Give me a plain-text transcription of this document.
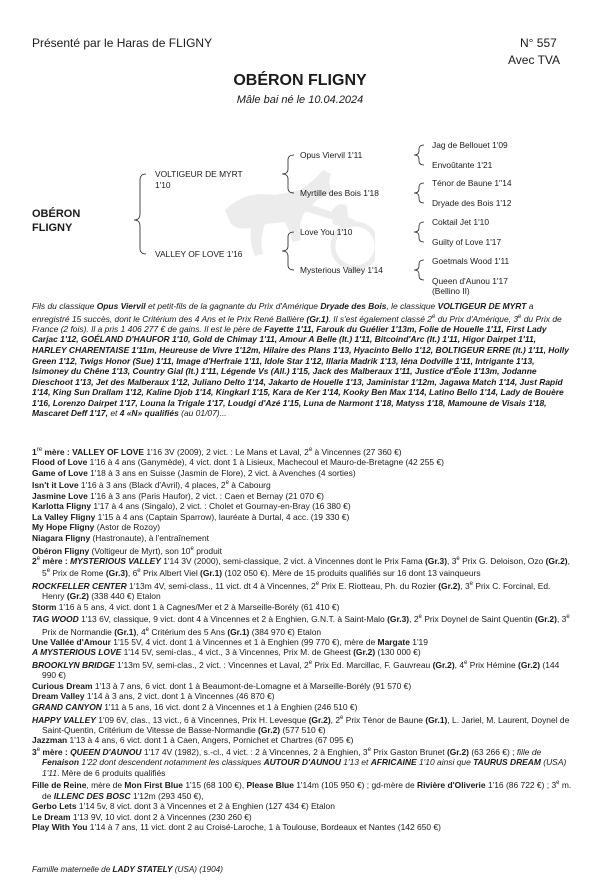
Présenté par le Haras de FLIGNY	N° 557
Avec TVA
OBÉRON FLIGNY
Mâle bai né le 10.04.2024
OBÉRON
FLIGNY
VOLTIGEUR DE MYRT
1'10
VALLEY OF LOVE 1'16
Opus Viervil 1'11
Myrtille des Bois 1'18
Love You 1'10
Mysterious Valley 1'14
Jag de Bellouet 1'09
Envoûtante 1'21
Ténor de Baune 1''14
Dryade des Bois 1'12
Coktail Jet 1'10
Guilty of Love 1'17
Goetmals Wood 1'11
Queen d'Aunou 1'17
(Bellino II)
Fils du classique Opus Viervil et petit-fils de la gagnante du Prix d'Amérique Dryade des Bois, le classique VOLTIGEUR DE MYRT a enregistré 15 succès, dont le Critérium des 4 Ans et le Prix René Ballière (Gr.1). Il s'est également classé 2e du Prix d'Amérique, 3e du Prix de France (2 fois). Il a pris 1 406 277 € de gains. Il est le père de Fayette 1'11, Farouk du Guélier 1'13m, Folie de Houelle 1'11, First Lady Carjac 1'12, GOÉLAND D'HAUFOR 1'10, Gold de Chimay 1'11, Amour A Belle (It.) 1'11, Bitcoind'Arc (It.) 1'11, Higor Dairpet 1'11, HARLEY CHARENTAISE 1'11m, Heureuse de Vivre 1'12m, Hilaire des Plans 1'13, Hyacinto Bello 1'12, BOLTIGEUR ERRE (It.) 1'11, Holly Green 1'12, Twigs Honor (Sue) 1'11, Image d'Herfraie 1'11, Idole Star 1'12, Illaria Madrik 1'13, Iéna Dodville 1'11, Intrigante 1'13, Isimoney du Chêne 1'13, Country Gial (It.) 1'11, Légende Vs (All.) 1'15, Jack des Malberaux 1'11, Justice d'Éole 1'13m, Jodanne Dieschoot 1'13, Jet des Malberaux 1'12, Juliano Delto 1'14, Jakarto de Houelle 1'13, Jaministar 1'12m, Jagawa Match 1'14, Just Rapid 1'14, King Sun Drallam 1'12, Kaline Djob 1'14, Kingkarl 1'15, Kara de Ker 1'14, Kooky Ben Max 1'14, Latino Bello 1'14, Lady de Bouère 1'16, Lorenzo Dairpet 1'17, Louna la Trigale 1'17, Loudgi d'Azé 1'15, Luna de Narmont 1'18, Matyss 1'18, Mamoune de Visais 1'18, Mascaret Deff 1'17, et 4 «N» qualifiés (au 01/07)...

1re mère : VALLEY OF LOVE 1'16 3V (2009), 2 vict. : Le Mans et Laval, 2e à Vincennes (27 360 €)

Flood of Love 1'16 à 4 ans (Ganymède), 4 vict. dont 1 à Lisieux, Machecoul et Mauro-de-Bretagne (42 255 €)

Game of Love 1'18 à 3 ans en Suisse (Jasmin de Flore), 2 vict. à Avenches (4 sorties)

Isn't it Love 1'16 à 3 ans (Black d'Avril), 4 places, 2e à Cabourg

Jasmine Love 1'16 à 3 ans (Paris Haufor), 2 vict. : Caen et Bernay (21 070 €)

Karlotta Fligny 1'17 à 4 ans (Singalo), 2 vict. : Cholet et Gournay-en-Bray (16 380 €)

La Valley Fligny 1'15 à 4 ans (Captain Sparrow), lauréate à Durtal, 4 acc. (19 330 €)

My Hope Fligny (Astor de Rozoy)

Niagara Fligny (Hastronaute), à l'entraînement

Obéron Fligny (Voltigeur de Myrt), son 10e produit

2e mère : MYSTERIOUS VALLEY 1'14 3V (2000), semi-classique, 2 vict. à Vincennes dont le Prix Fama (Gr.3), 3e Prix G. Deloison, Ozo (Gr.2), 5e Prix de Rome (Gr.3), 6e Prix Albert Viel (Gr.1) (102 050 €). Mère de 15 produits qualifiés sur 16 dont 13 vainqueurs

ROCKFELLER CENTER 1'13m 4V, semi-class., 11 vict. dt 4 à Vincennes, 2e Prix E. Riotteau, Ph. du Rozier (Gr.2), 3e Prix C. Forcinal, Ed. Henry (Gr.2) (338 440 €) Etalon

Storm 1'16 à 5 ans, 4 vict. dont 1 à Cagnes/Mer et 2 à Marseille-Borély (61 410 €)

TAG WOOD 1'13 6V, classique, 9 vict. dont 4 à Vincennes et 2 à Enghien, G.N.T. à Saint-Malo (Gr.3), 2e Prix Doynel de Saint Quentin (Gr.2), 3e Prix de Normandie (Gr.1), 4e Critérium des 5 Ans (Gr.1) (384 970 €) Etalon

Une Vallée d'Amour 1'15 5V, 4 vict. dont 1 à Vincennes et 1 à Enghien (99 770 €), mère de Margate 1'19

A MYSTERIOUS LOVE 1'14 5V, semi-clas., 4 vict., 3 à Vincennes, Prix M. de Gheest (Gr.2) (130 000 €)

BROOKLYN BRIDGE 1'13m 5V, semi-clas., 2 vict. : Vincennes et Laval, 2e Prix Ed. Marcillac, F. Gauvreau (Gr.2), 4e Prix Hémine (Gr.2) (144 990 €)

Curious Dream 1'13 à 7 ans, 6 vict. dont 1 à Beaumont-de-Lomagne et à Marseille-Borély (91 570 €)

Dream Valley 1'14 à 3 ans, 2 vict. dont 1 à Vincennes (46 870 €)

GRAND CANYON 1'11 à 5 ans, 16 vict. dont 2 à Vincennes et 1 à Enghien (246 510 €)

HAPPY VALLEY 1'09 6V, clas., 13 vict., 6 à Vincennes, Prix H. Levesque (Gr.2), 2e Prix Ténor de Baune (Gr.1), L. Jariel, M. Laurent, Doynel de Saint-Quentin, Critérium de Vitesse de Basse-Normandie (Gr.2) (577 510 €)

Jazzman 1'13 à 4 ans, 6 vict. dont 1 à Caen, Angers, Pornichet et Chartres (67 095 €)

3e mère : QUEEN D'AUNOU 1'17 4V (1982), s.-cl., 4 vict. : 2 à Vincennes, 2 à Enghien, 3e Prix Gaston Brunet (Gr.2) (63 266 €) ; fille de Fenaison 1'22 dont descendent notamment les classiques AUTOUR D'AUNOU 1'13 et AFRICAINE 1'10 ainsi que TAURUS DREAM (USA) 1'11. Mère de 6 produits qualifiés

Fille de Reine, mère de Mon First Blue 1'15 (68 100 €), Please Blue 1'14m (105 950 €) ; gd-mère de Rivière d'Oliverie 1'16 (86 722 €) ; 3e m. de ILLENC DES BOSC 1'12m (293 450 €),

Gerbo Lets 1'14 5v, 8 vict. dont 3 à Vincennes et 2 à Enghien (127 434 €) Etalon

Le Dream 1'13 9V, 10 vict. dont 2 à Vincennes (230 260 €)

Play With You 1'14 à 7 ans, 11 vict. dont 2 au Croisé-Laroche, 1 à Toulouse, Bordeaux et Nantes (142 650 €)

Famille maternelle de LADY STATELY (USA) (1904)
